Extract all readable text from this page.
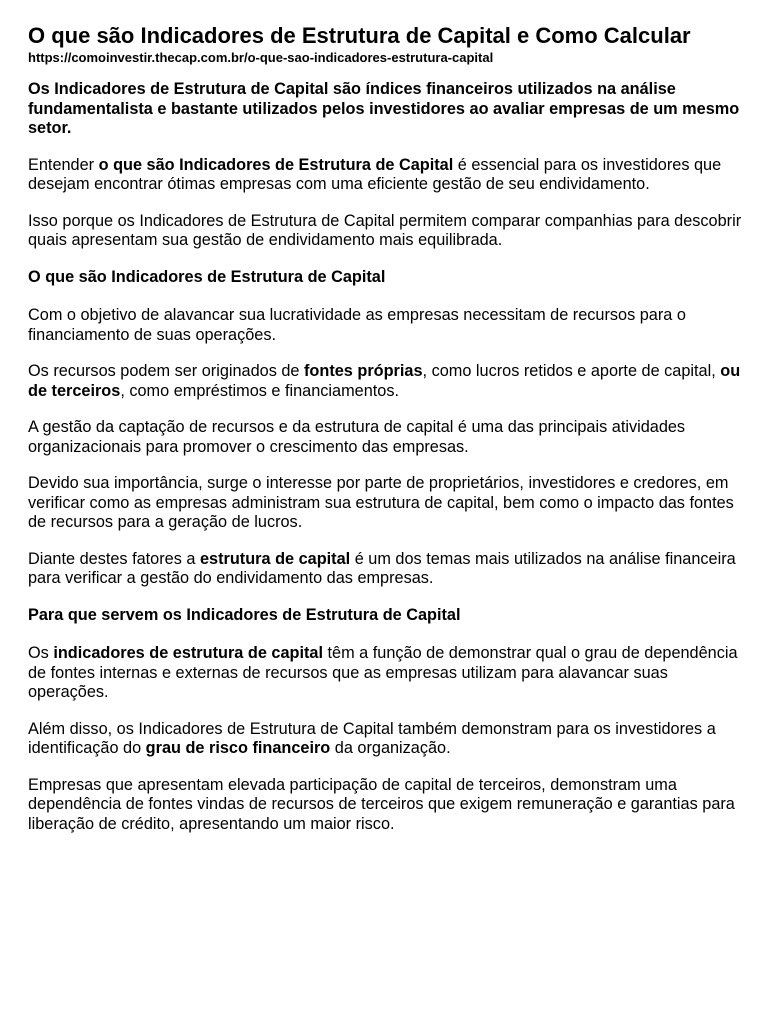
O que são Indicadores de Estrutura de Capital e Como Calcular
https://comoinvestir.thecap.com.br/o-que-sao-indicadores-estrutura-capital

Os Indicadores de Estrutura de Capital são índices financeiros utilizados na análise fundamentalista e bastante utilizados pelos investidores ao avaliar empresas de um mesmo setor.

Entender o que são Indicadores de Estrutura de Capital é essencial para os investidores que desejam encontrar ótimas empresas com uma eficiente gestão de seu endividamento.

Isso porque os Indicadores de Estrutura de Capital permitem comparar companhias para descobrir quais apresentam sua gestão de endividamento mais equilibrada.

O que são Indicadores de Estrutura de Capital

Com o objetivo de alavancar sua lucratividade as empresas necessitam de recursos para o financiamento de suas operações.

Os recursos podem ser originados de fontes próprias, como lucros retidos e aporte de capital, ou de terceiros, como empréstimos e financiamentos.

A gestão da captação de recursos e da estrutura de capital é uma das principais atividades organizacionais para promover o crescimento das empresas.

Devido sua importância, surge o interesse por parte de proprietários, investidores e credores, em verificar como as empresas administram sua estrutura de capital, bem como o impacto das fontes de recursos para a geração de lucros.

Diante destes fatores a estrutura de capital é um dos temas mais utilizados na análise financeira para verificar a gestão do endividamento das empresas.

Para que servem os Indicadores de Estrutura de Capital

Os indicadores de estrutura de capital têm a função de demonstrar qual o grau de dependência de fontes internas e externas de recursos que as empresas utilizam para alavancar suas operações.

Além disso, os Indicadores de Estrutura de Capital também demonstram para os investidores a identificação do grau de risco financeiro da organização.

Empresas que apresentam elevada participação de capital de terceiros, demonstram uma dependência de fontes vindas de recursos de terceiros que exigem remuneração e garantias para liberação de crédito, apresentando um maior risco.
